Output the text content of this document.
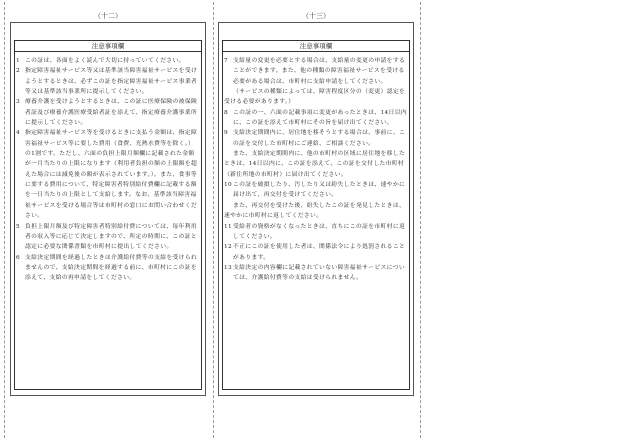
（十二）
注意事項欄
1 この証は、各面をよく読んで大切に持っていてください。
2 指定障害福祉サービス等又は基準該当障害福祉サービスを受けようとするときは、必ずこの証を指定障害福祉サービス事業者等又は基準該当事業所に提示してください。
3 療養介護を受けようとするときは、この証に医療保険の被保険者証及び療養介護医療受給者証を添えて、指定療養介護事業所に提示してください。
4 指定障害福祉サービス等を受けるときに支払う金額は、指定障害福祉サービス等に要した費用（食費、光熱水費等を除く。）の1割です。ただし、六面の負担上限月額欄に記載された金額が一月当たりの上限になります（利用者負担の額の上限額を超えた場合には減免後の額が表示されています。）。また、食事等に要する費用について、特定障害者特別給付費欄に記載する額を一日当たりの上限として支給します。なお、基準該当障害福祉サービスを受ける場合等は市町村の窓口にお問い合わせください。
5 負担上限月額及び特定障害者特別給付費については、毎年利用者の収入等に応じて決定しますので、所定の時期に、この証と認定に必要な関係書類を市町村に提出してください。
6 支給決定期間を経過したときは介護給付費等の支給を受けられませんので、支給決定期間を経過する前に、市町村にこの証を添えて、支給の再申請をしてください。
（十三）
注意事項欄
7 支給量の変更を必要とする場合は、支給量の変更の申請をすることができます。また、他の種類の障害福祉サービスを受ける必要がある場合は、市町村に支給申請をしてください。
（サービスの種類によっては、障害程度区分の（変更）認定を受ける必要があります。）
8 この証の一、六面の記載事項に変更があったときは、14日以内に、この証を添えて市町村にその旨を届け出てください。
9 支給決定期間内に、居住地を移そうとする場合は、事前に、この証を交付した市町村にご連絡、ご相談ください。
また、支給決定期間内に、他の市町村の区域に居住地を移したときは、14日以内に、この証を添えて、この証を交付した市町村（新住所地の市町村）に届け出てください。
10 この証を破損したり、汚したり又は紛失したときは、速やかに届け出て、再交付を受けてください。
また、再交付を受けた後、紛失したこの証を発見したときは、速やかに市町村に返してください。
11 受給者の資格がなくなったときは、直ちにこの証を市町村に返してください。
12 不正にこの証を使用した者は、関係法令により処罰されることがあります。
13 支給決定の内容欄に記載されていない障害福祉サービスについては、介護給付費等の支給は受けられません。
